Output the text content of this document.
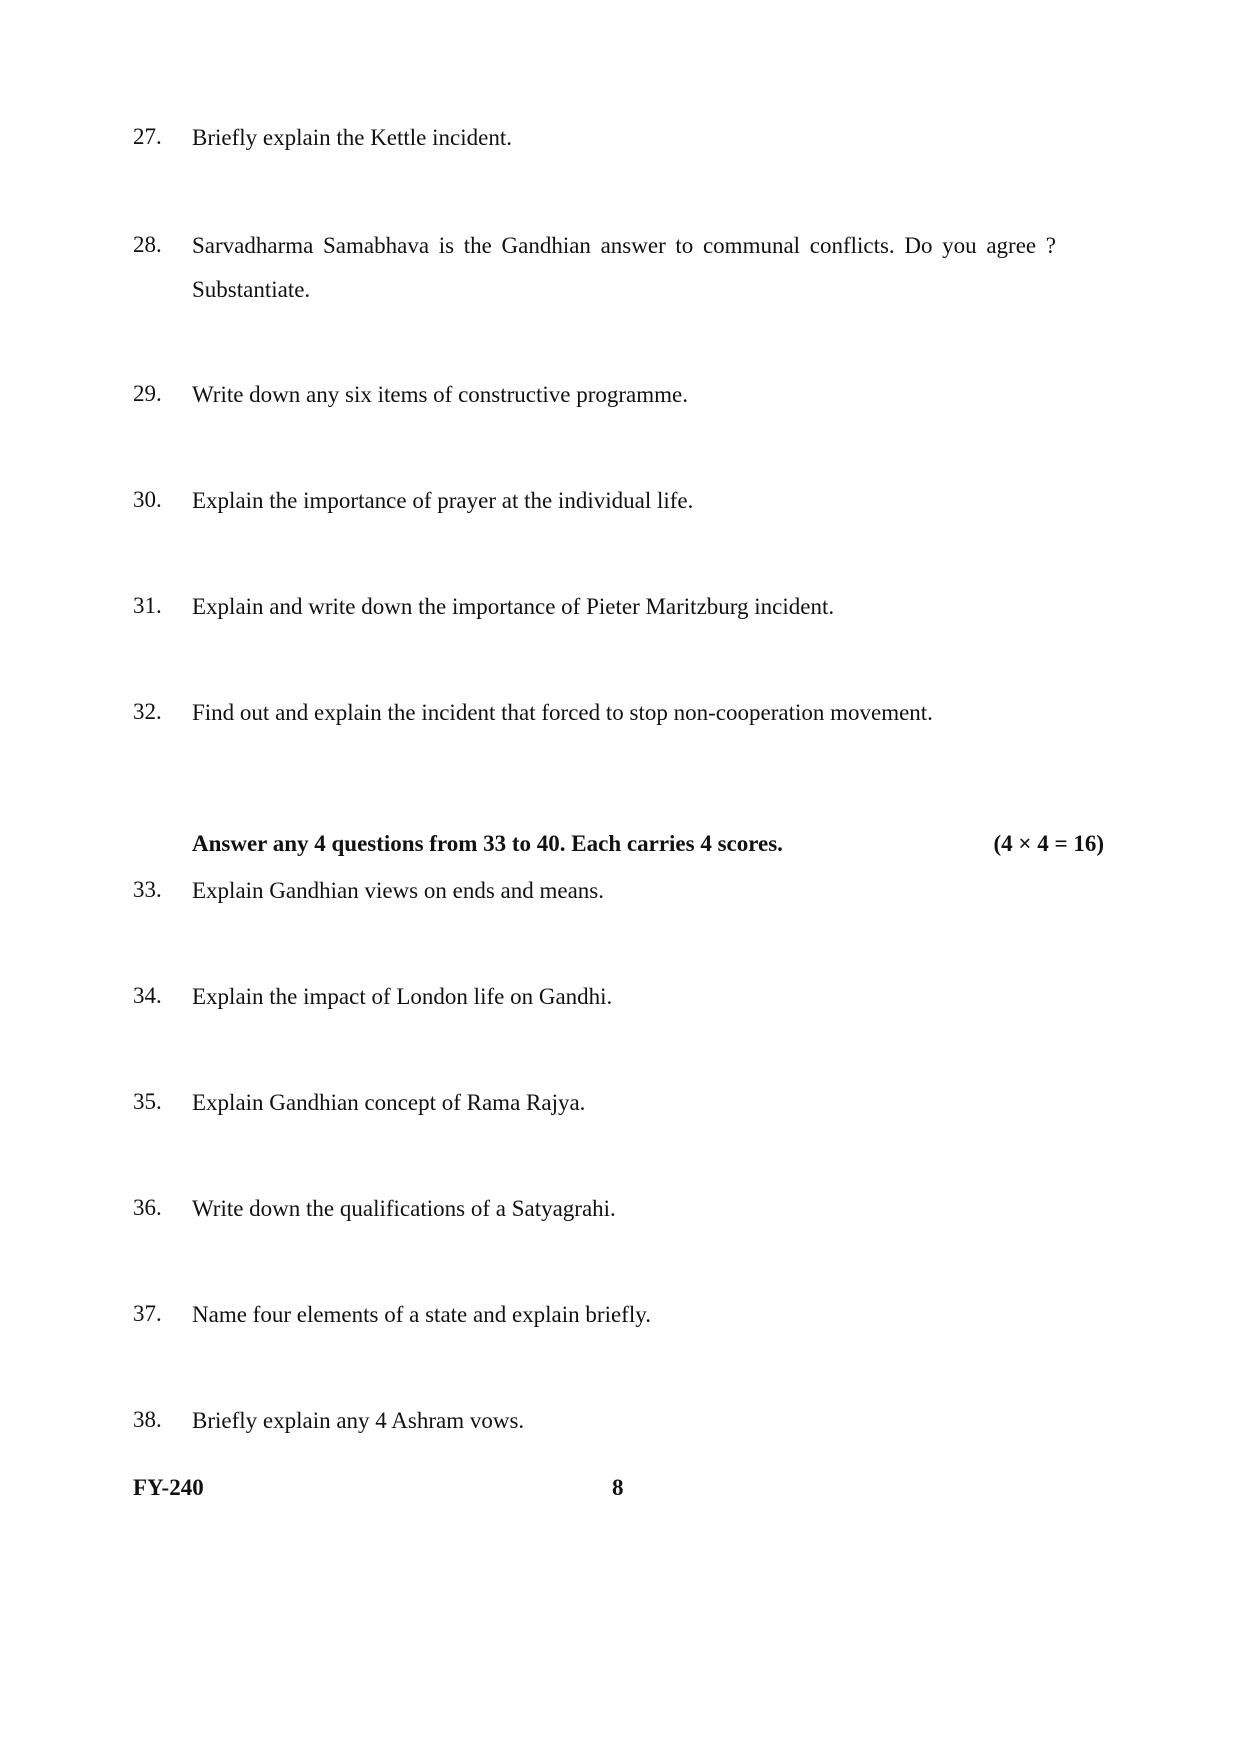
27.	Briefly explain the Kettle incident.
28.	Sarvadharma Samabhava is the Gandhian answer to communal conflicts. Do you agree ? Substantiate.
29.	Write down any six items of constructive programme.
30.	Explain the importance of prayer at the individual life.
31.	Explain and write down the importance of Pieter Maritzburg incident.
32.	Find out and explain the incident that forced to stop non-cooperation movement.
Answer any 4 questions from 33 to 40. Each carries 4 scores.	(4 × 4 = 16)
33.	Explain Gandhian views on ends and means.
34.	Explain the impact of London life on Gandhi.
35.	Explain Gandhian concept of Rama Rajya.
36.	Write down the qualifications of a Satyagrahi.
37.	Name four elements of a state and explain briefly.
38.	Briefly explain any 4 Ashram vows.
FY-240	8
